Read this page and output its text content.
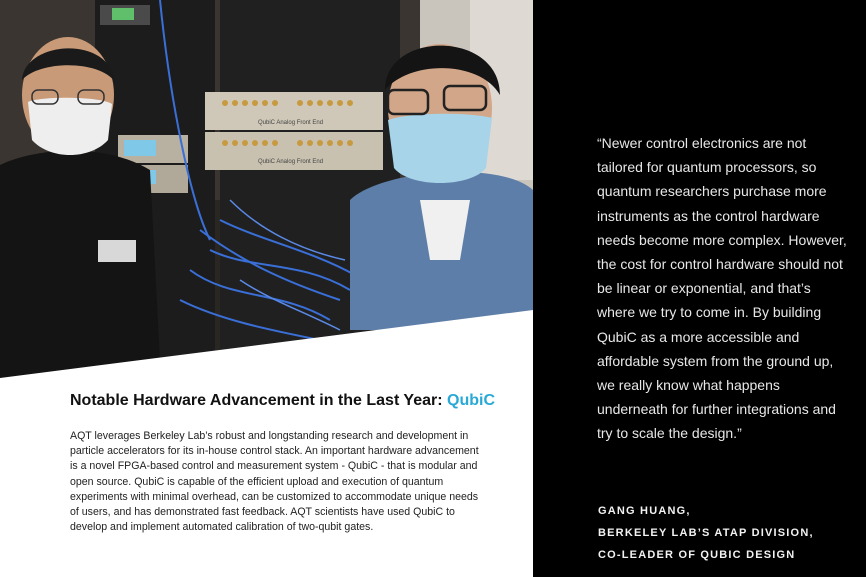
QubiC Analog Front End
QubiC Analog Front End
Notable Hardware Advancement in the Last Year: QubiC
AQT leverages Berkeley Lab’s robust and longstanding research and development in particle accelerators for its in-house control stack. An important hardware advancement is a novel FPGA-based control and measurement system - QubiC - that is modular and open source. QubiC is capable of the efficient upload and execution of quantum experiments with minimal overhead, can be customized to accommodate unique needs of users, and has demonstrated fast feedback. AQT scientists have used QubiC to develop and implement automated calibration of two-qubit gates.
“Newer control electronics are not tailored for quantum processors, so quantum researchers purchase more instruments as the control hardware needs become more complex. However, the cost for control hardware should not be linear or exponential, and that’s where we try to come in. By building QubiC as a more accessible and affordable system from the ground up, we really know what happens underneath for further integrations and try to scale the design.”
GANG HUANG,
BERKELEY LAB’S ATAP DIVISION,
CO-LEADER OF QUBIC DESIGN
